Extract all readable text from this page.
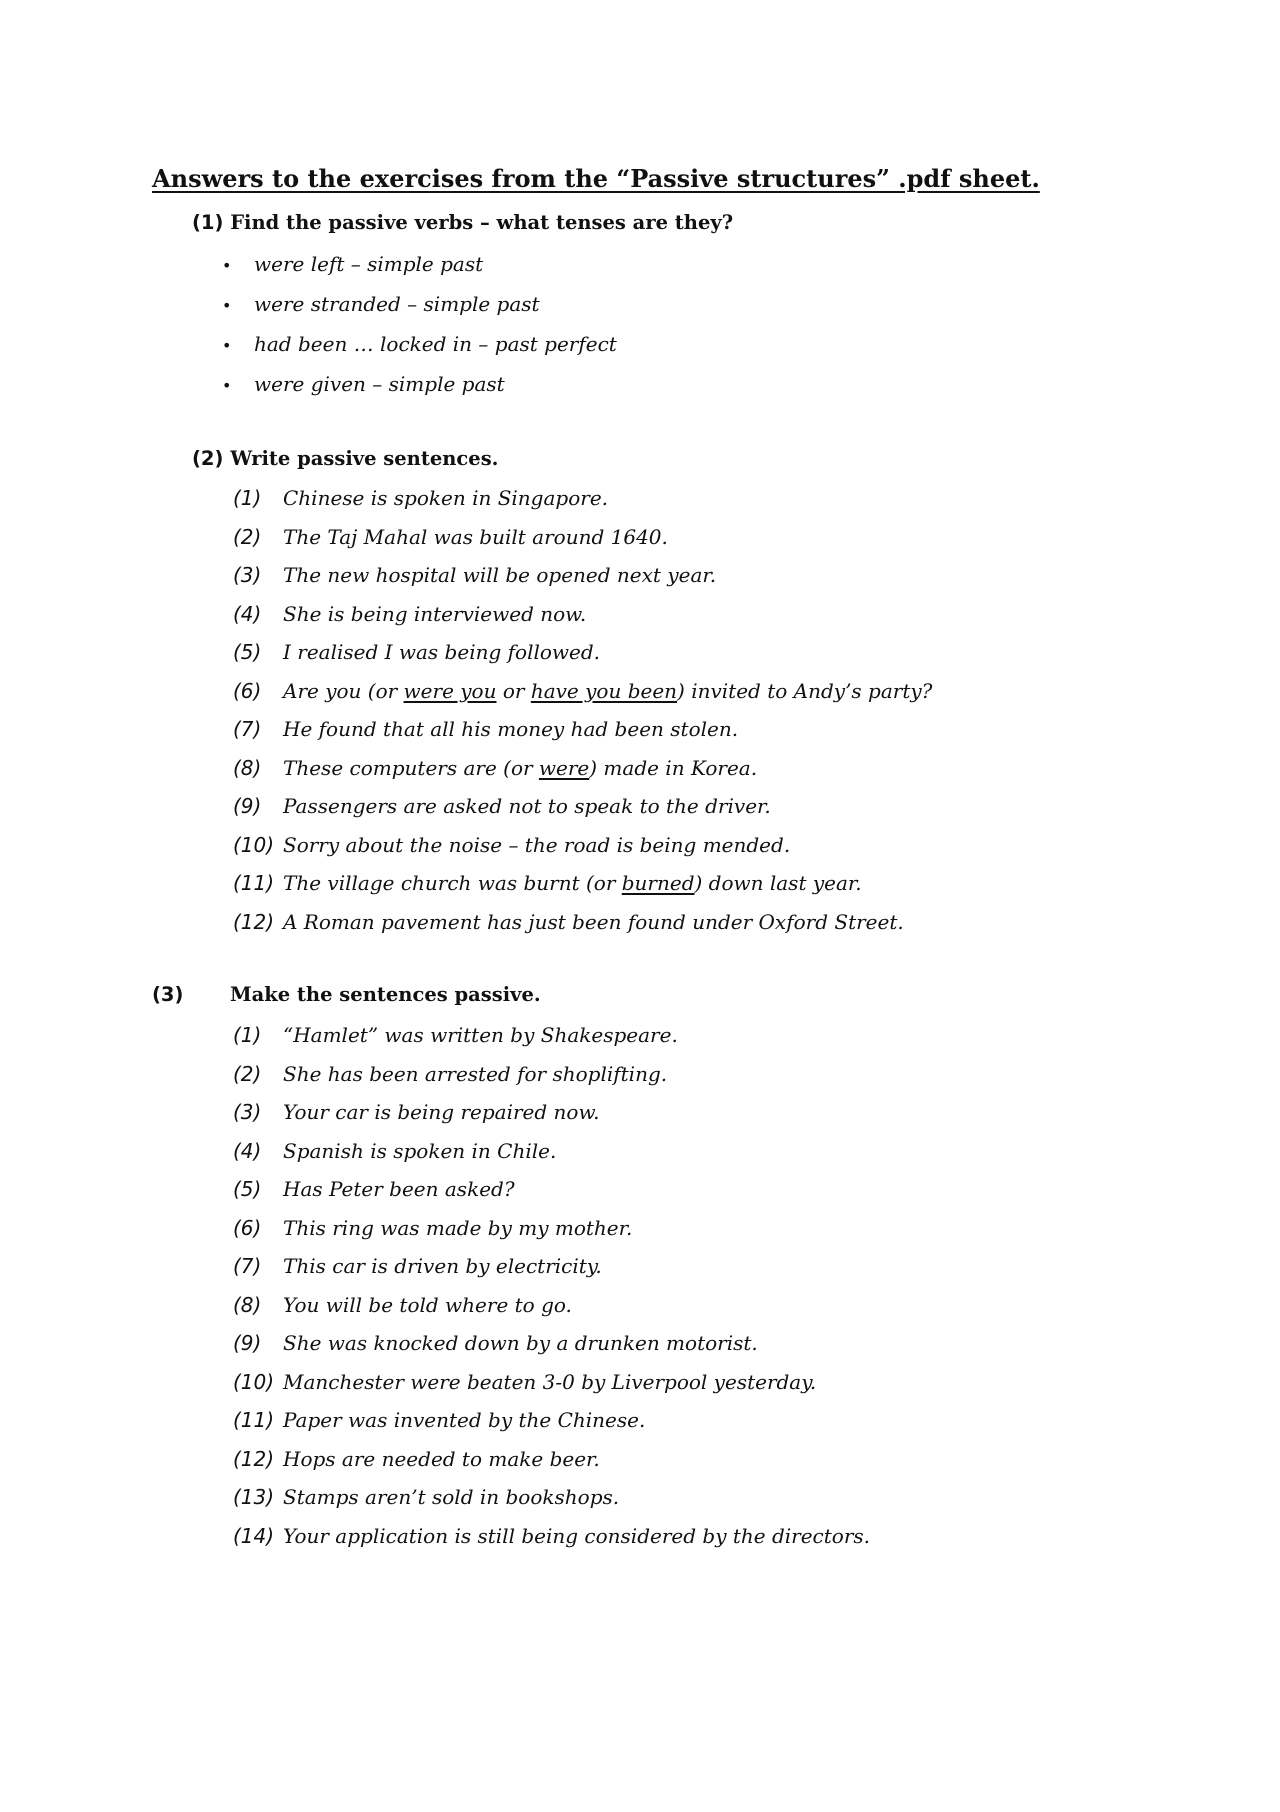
Answers to the exercises from the “Passive structures” .pdf sheet.
(1) Find the passive verbs – what tenses are they?
• were left – simple past
• were stranded – simple past
• had been … locked in – past perfect
• were given – simple past
(2) Write passive sentences.
(1) Chinese is spoken in Singapore.
(2) The Taj Mahal was built around 1640.
(3) The new hospital will be opened next year.
(4) She is being interviewed now.
(5) I realised I was being followed.
(6) Are you (or were you or have you been) invited to Andy’s party?
(7) He found that all his money had been stolen.
(8) These computers are (or were) made in Korea.
(9) Passengers are asked not to speak to the driver.
(10) Sorry about the noise – the road is being mended.
(11) The village church was burnt (or burned) down last year.
(12) A Roman pavement has just been found under Oxford Street.
(3) Make the sentences passive.
(1) “Hamlet” was written by Shakespeare.
(2) She has been arrested for shoplifting.
(3) Your car is being repaired now.
(4) Spanish is spoken in Chile.
(5) Has Peter been asked?
(6) This ring was made by my mother.
(7) This car is driven by electricity.
(8) You will be told where to go.
(9) She was knocked down by a drunken motorist.
(10) Manchester were beaten 3-0 by Liverpool yesterday.
(11) Paper was invented by the Chinese.
(12) Hops are needed to make beer.
(13) Stamps aren’t sold in bookshops.
(14) Your application is still being considered by the directors.
